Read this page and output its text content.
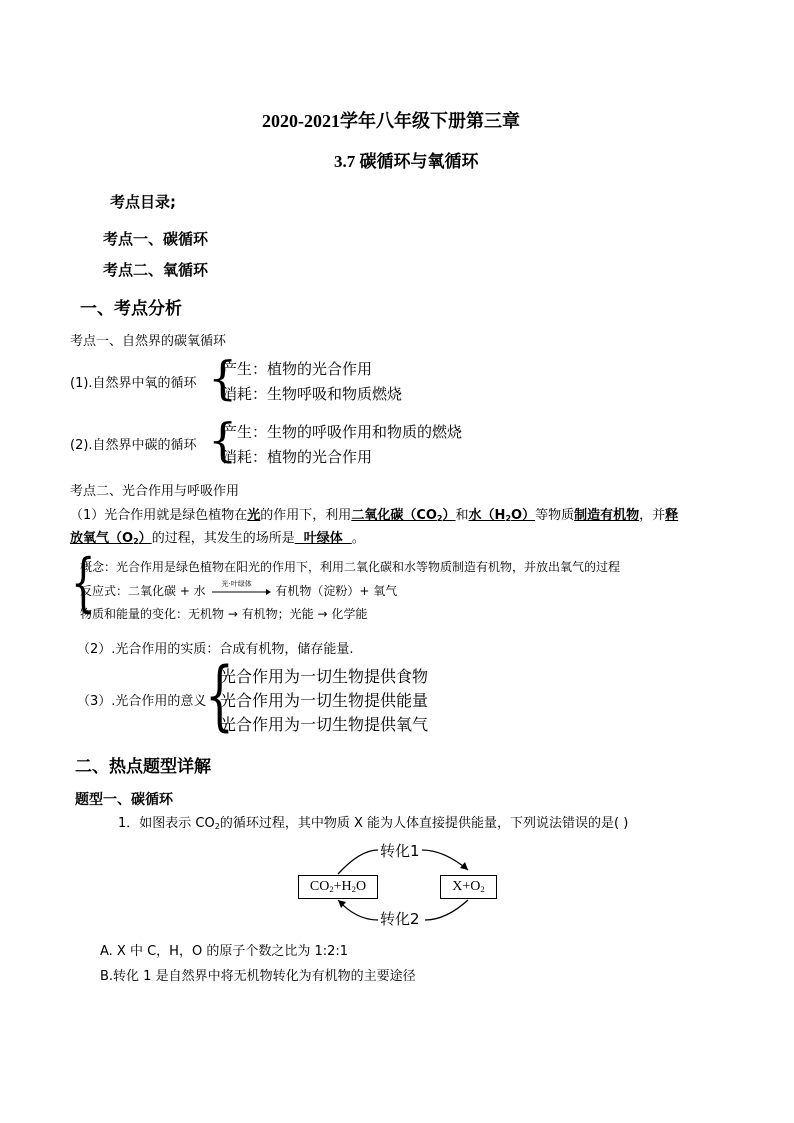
2020-2021学年八年级下册第三章
3.7 碳循环与氧循环
考点目录;
考点一、碳循环
考点二、氧循环
一、考点分析
考点一、自然界的碳氧循环
(1).自然界中氧的循环 {
产生：植物的光合作用
消耗：生物呼吸和物质燃烧
(2).自然界中碳的循环 {
产生：生物的呼吸作用和物质的燃烧
消耗：植物的光合作用
考点二、光合作用与呼吸作用
（1）光合作用就是绿色植物在光的作用下，利用二氧化碳$(CO_2)$和水$(H_2O)$等物质制造有机物，并释
放氧气$(O_2)$的过程，其发生的场所是  叶绿体  。
{
概念：光合作用是绿色植物在阳光的作用下，利用二氧化碳和水等物质制造有机物，并放出氧气的过程
反应式：二氧化碳 + 水
光·叶绿体
有机物（淀粉）+ 氧气
物质和能量的变化：无机物 → 有机物；光能 → 化学能
（2）.光合作用的实质：合成有机物，储存能量.
（3）.光合作用的意义
{
光合作用为一切生物提供食物
光合作用为一切生物提供能量
光合作用为一切生物提供氧气
二、热点题型详解
题型一、碳循环
1．如图表示 $CO_2$的循环过程，其中物质 X 能为人体直接提供能量，下列说法错误的是( )
$CO_2+H_2O$	$X+O_2$
转化1
转化2
A. X 中 C，H，O 的原子个数之比为 1:2:1
B.转化 1 是自然界中将无机物转化为有机物的主要途径
